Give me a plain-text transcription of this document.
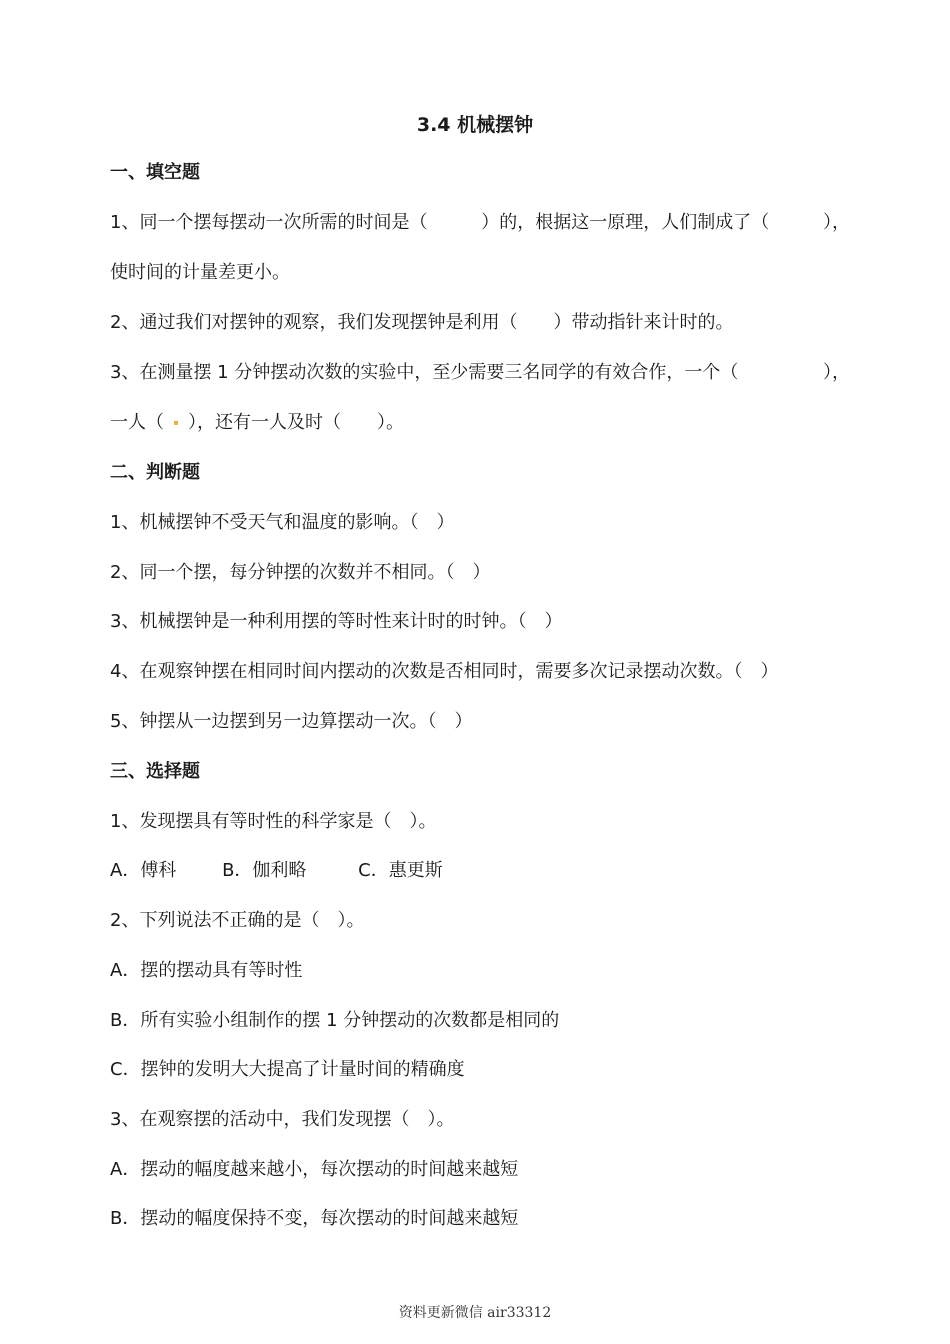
3.4 机械摆钟
一、填空题
1、同一个摆每摆动一次所需的时间是（	）的，根据这一原理，人们制成了（	），
使时间的计量差更小。
2、通过我们对摆钟的观察，我们发现摆钟是利用（　　）带动指针来计时的。
3、在测量摆 1 分钟摆动次数的实验中，至少需要三名同学的有效合作，一个（	），
一人（ ），还有一人及时（　　）。
二、判断题
1、机械摆钟不受天气和温度的影响。（　）
2、同一个摆，每分钟摆的次数并不相同。（　）
3、机械摆钟是一种利用摆的等时性来计时的时钟。（　）
4、在观察钟摆在相同时间内摆动的次数是否相同时，需要多次记录摆动次数。（　）
5、钟摆从一边摆到另一边算摆动一次。（　）
三、选择题
1、发现摆具有等时性的科学家是（　）。
A．傅科	B．伽利略	C．惠更斯
2、下列说法不正确的是（　）。
A．摆的摆动具有等时性
B．所有实验小组制作的摆 1 分钟摆动的次数都是相同的
C．摆钟的发明大大提高了计量时间的精确度
3、在观察摆的活动中，我们发现摆（　）。
A．摆动的幅度越来越小，每次摆动的时间越来越短
B．摆动的幅度保持不变，每次摆动的时间越来越短
资料更新微信 air33312
